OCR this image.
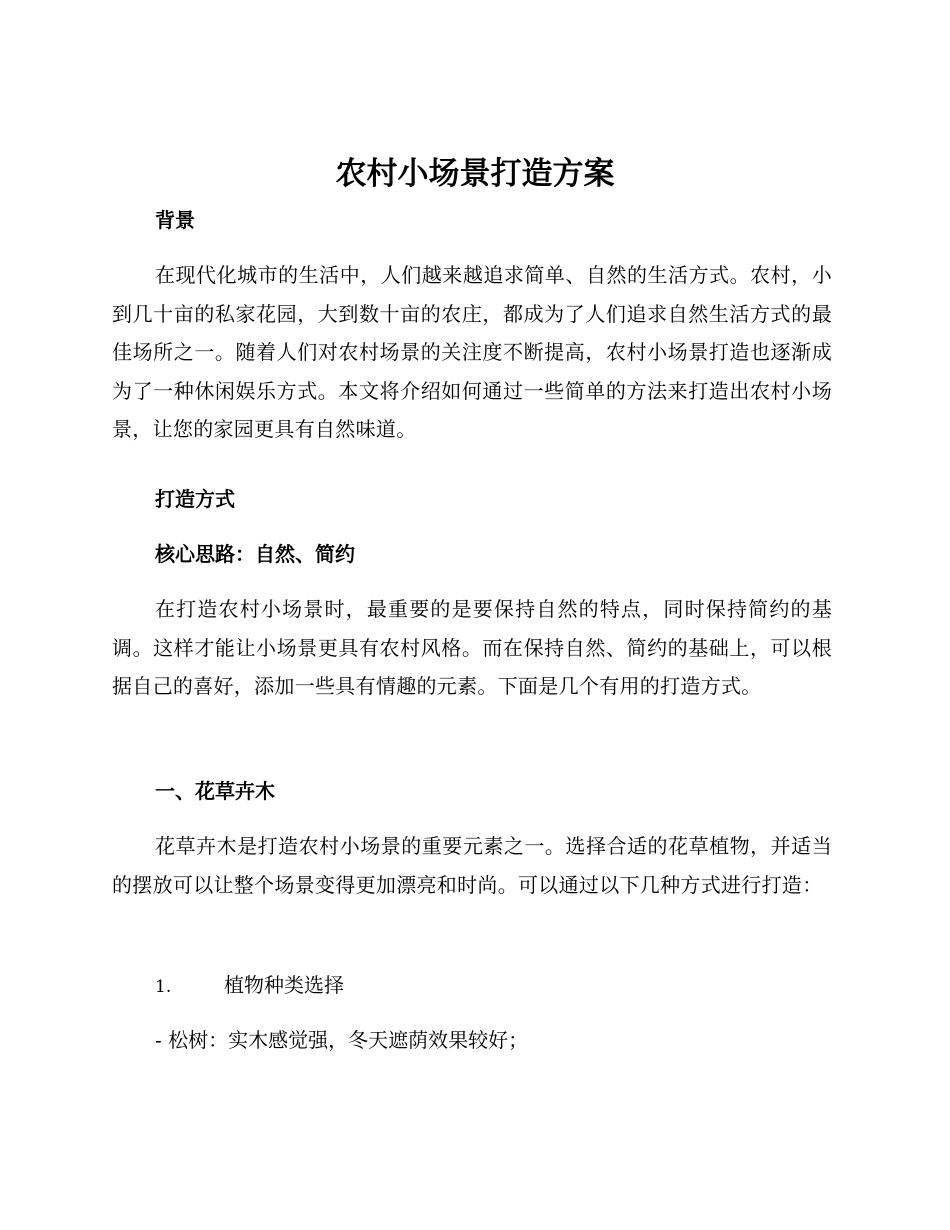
农村小场景打造方案
背景

在现代化城市的生活中，人们越来越追求简单、自然的生活方式。农村，小到几十亩的私家花园，大到数十亩的农庄，都成为了人们追求自然生活方式的最佳场所之一。随着人们对农村场景的关注度不断提高，农村小场景打造也逐渐成为了一种休闲娱乐方式。本文将介绍如何通过一些简单的方法来打造出农村小场景，让您的家园更具有自然味道。

打造方式
核心思路：自然、简约

在打造农村小场景时，最重要的是要保持自然的特点，同时保持简约的基调。这样才能让小场景更具有农村风格。而在保持自然、简约的基础上，可以根据自己的喜好，添加一些具有情趣的元素。下面是几个有用的打造方式。

一、花草卉木

花草卉木是打造农村小场景的重要元素之一。选择合适的花草植物，并适当的摆放可以让整个场景变得更加漂亮和时尚。可以通过以下几种方式进行打造：

1.	植物种类选择
- 松树：实木感觉强，冬天遮荫效果较好；
